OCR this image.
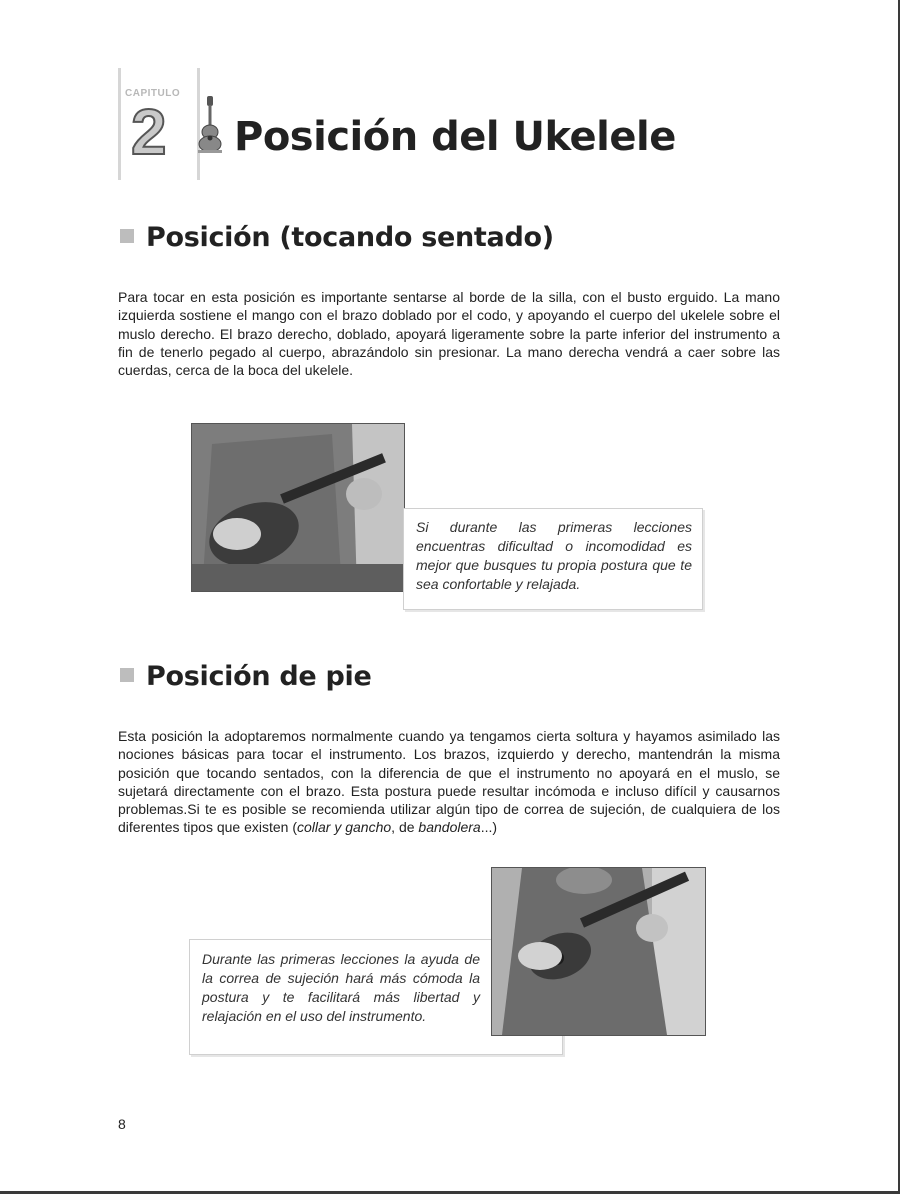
CAPITULO
2 Posición del Ukelele
Posición (tocando sentado)

Para tocar en esta posición es importante sentarse al borde de la silla, con el busto erguido. La mano izquierda sostiene el mango con el brazo doblado por el codo, y apoyando el cuerpo del ukelele sobre el muslo derecho. El brazo derecho, doblado, apoyará ligeramente sobre la parte inferior del instrumento a fin de tenerlo pegado al cuerpo, abrazándolo sin presionar. La mano derecha vendrá a caer sobre las cuerdas, cerca de la boca del ukelele.

Si durante las primeras lecciones encuentras dificultad o incomodidad es mejor que busques tu propia postura que te sea confortable y relajada.

Posición de pie

Esta posición la adoptaremos normalmente cuando ya tengamos cierta soltura y hayamos asimilado las nociones básicas para tocar el instrumento. Los brazos, izquierdo y derecho, mantendrán la misma posición que tocando sentados, con la diferencia de que el instrumento no apoyará en el muslo, se sujetará directamente con el brazo. Esta postura puede resultar incómoda e incluso difícil y causarnos problemas.Si te es posible se recomienda utilizar algún tipo de correa de sujeción, de cualquiera de los diferentes tipos que existen (collar y gancho, de bandolera...)

Durante las primeras lecciones la ayuda de la correa de sujeción hará más cómoda la postura y te facilitará más libertad y relajación en el uso del instrumento.

8
